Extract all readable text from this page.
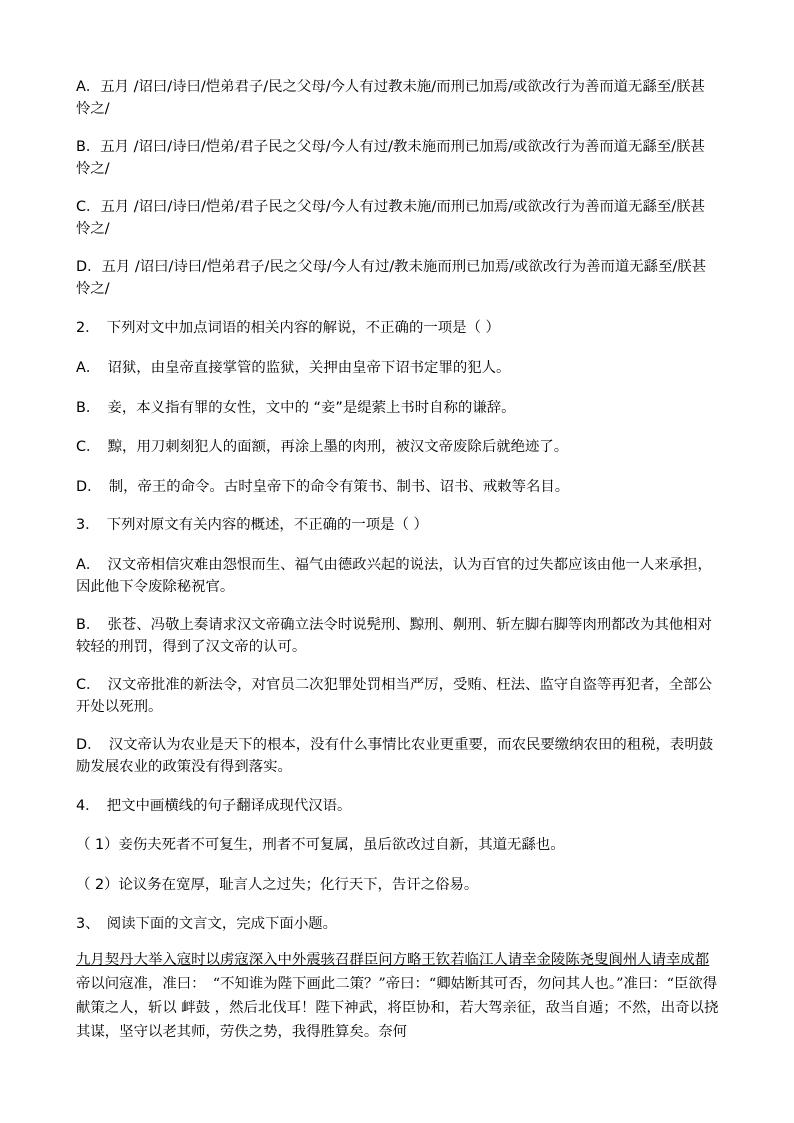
A．五月 /诏曰/诗曰/恺弟君子/民之父母/今人有过教未施/而刑已加焉/或欲改行为善而道无繇至/朕甚怜之/

B．五月 /诏曰/诗曰/恺弟/君子民之父母/今人有过/教未施而刑已加焉/或欲改行为善而道无繇至/朕甚怜之/

C．五月 /诏曰/诗曰/恺弟/君子民之父母/今人有过教未施/而刑已加焉/或欲改行为善而道无繇至/朕甚怜之/

D．五月 /诏曰/诗曰/恺弟君子/民之父母/今人有过/教未施而刑已加焉/或欲改行为善而道无繇至/朕甚怜之/

2．　下列对文中加点词语的相关内容的解说，不正确的一项是（ ）

A．　 诏狱，由皇帝直接掌管的监狱，关押由皇帝下诏书定罪的犯人。

B．　 妾，本义指有罪的女性，文中的 “妾”是缇萦上书时自称的谦辞。

C．　 黥，用刀刺刻犯人的面额，再涂上墨的肉刑，被汉文帝废除后就绝迹了。

D．　 制，帝王的命令。古时皇帝下的命令有策书、制书、诏书、戒敕等名目。

3．　下列对原文有关内容的概述，不正确的一项是（ ）

A．　 汉文帝相信灾难由怨恨而生、福气由德政兴起的说法，认为百官的过失都应该由他一人来承担，因此他下令废除秘祝官。

B．　 张苍、冯敬上奏请求汉文帝确立法令时说髡刑、黥刑、劓刑、斩左脚右脚等肉刑都改为其他相对较轻的刑罚，得到了汉文帝的认可。

C．　 汉文帝批准的新法令，对官员二次犯罪处罚相当严厉，受贿、枉法、监守自盗等再犯者，全部公开处以死刑。

D．　 汉文帝认为农业是天下的根本，没有什么事情比农业更重要，而农民要缴纳农田的租税，表明鼓励发展农业的政策没有得到落实。

4．　把文中画横线的句子翻译成现代汉语。

（ 1）妾伤夫死者不可复生，刑者不可复属，虽后欲改过自新，其道无繇也。

（ 2）论议务在宽厚，耻言人之过失；化行天下，告讦之俗易。

3、　阅读下面的文言文，完成下面小题。

九月契丹大举入寇时以虏寇深入中外震骇召群臣问方略王钦若临江人请幸金陵陈尧叟阆州人请幸成都 帝以问寇准，准曰：　“不知谁为陛下画此二策？”帝曰：“卿姑断其可否，勿问其人也。”准曰：“臣欲得献策之人，斩以 衅鼓 ，然后北伐耳！陛下神武，将臣协和，若大驾亲征，敌当自遁；不然，出奇以挠其谋，坚守以老其师，劳佚之势，我得胜算矣。奈何
